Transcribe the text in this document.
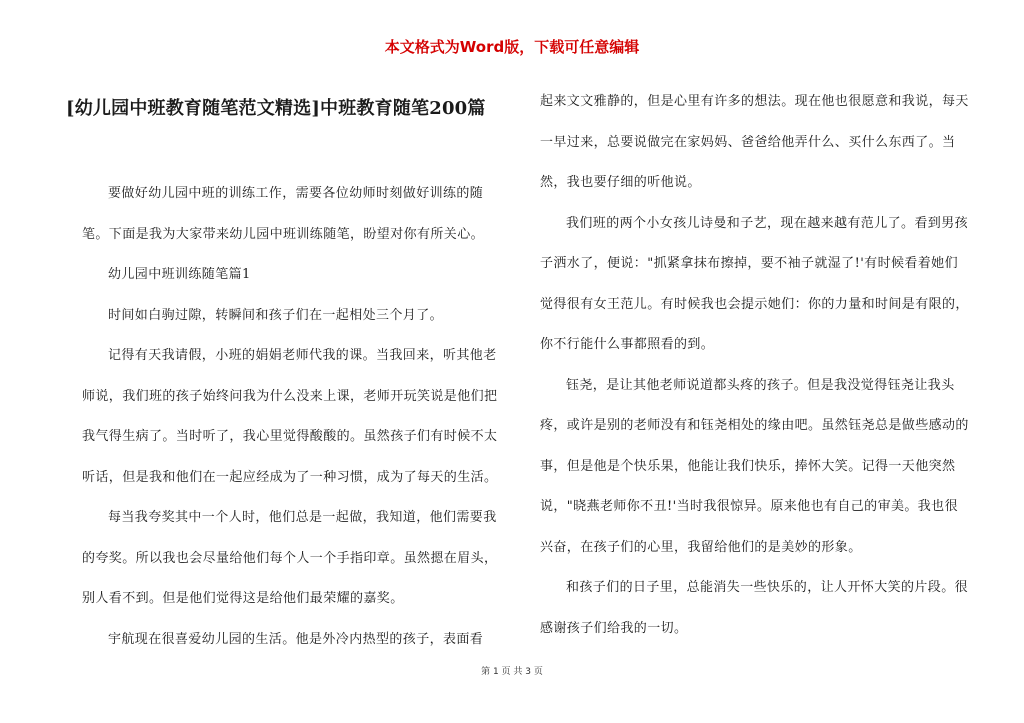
本文格式为Word版，下载可任意编辑
[幼儿园中班教育随笔范文精选]中班教育随笔200篇

要做好幼儿园中班的训练工作，需要各位幼师时刻做好训练的随笔。下面是我为大家带来幼儿园中班训练随笔，盼望对你有所关心。

幼儿园中班训练随笔篇1

时间如白驹过隙，转瞬间和孩子们在一起相处三个月了。

记得有天我请假，小班的娟娟老师代我的课。当我回来，听其他老师说，我们班的孩子始终问我为什么没来上课，老师开玩笑说是他们把我气得生病了。当时听了，我心里觉得酸酸的。虽然孩子们有时候不太听话，但是我和他们在一起应经成为了一种习惯，成为了每天的生活。

每当我夸奖其中一个人时，他们总是一起做，我知道，他们需要我的夸奖。所以我也会尽量给他们每个人一个手指印章。虽然摁在眉头，别人看不到。但是他们觉得这是给他们最荣耀的嘉奖。

宇航现在很喜爱幼儿园的生活。他是外冷内热型的孩子，表面看

起来文文雅静的，但是心里有许多的想法。现在他也很愿意和我说，每天一早过来，总要说做完在家妈妈、爸爸给他弄什么、买什么东西了。当然，我也要仔细的听他说。

我们班的两个小女孩儿诗曼和子艺，现在越来越有范儿了。看到男孩子洒水了，便说："抓紧拿抹布擦掉，要不袖子就湿了!'有时候看着她们觉得很有女王范儿。有时候我也会提示她们：你的力量和时间是有限的，你不行能什么事都照看的到。

钰尧，是让其他老师说道都头疼的孩子。但是我没觉得钰尧让我头疼，或许是别的老师没有和钰尧相处的缘由吧。虽然钰尧总是做些感动的事，但是他是个快乐果，他能让我们快乐，捧怀大笑。记得一天他突然说，"晓燕老师你不丑!'当时我很惊异。原来他也有自己的审美。我也很兴奋，在孩子们的心里，我留给他们的是美妙的形象。

和孩子们的日子里，总能消失一些快乐的，让人开怀大笑的片段。很感谢孩子们给我的一切。

第 1 页 共 3 页
